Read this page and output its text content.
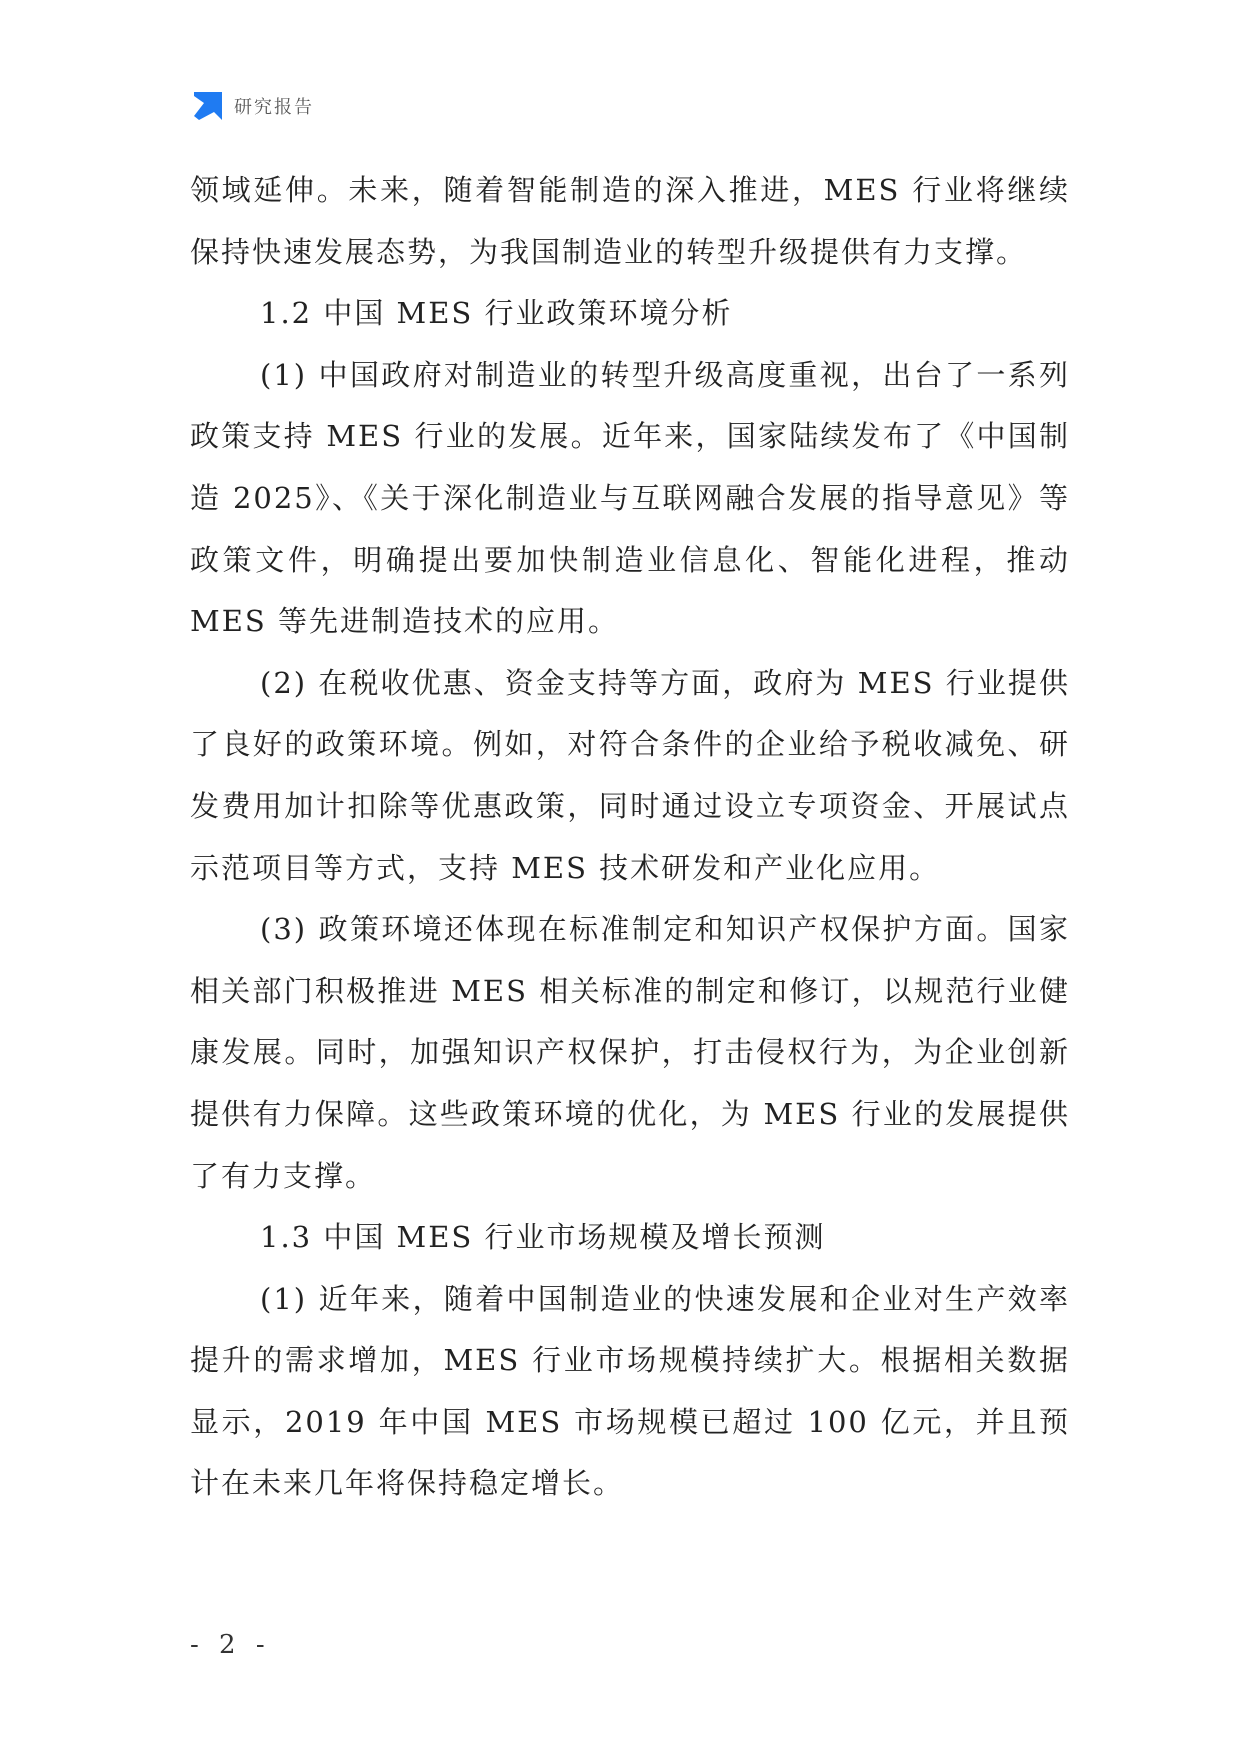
研究报告

领域延伸。未来，随着智能制造的深入推进，MES 行业将继续保持快速发展态势，为我国制造业的转型升级提供有力支撑。

1.2 中国 MES 行业政策环境分析

(1) 中国政府对制造业的转型升级高度重视，出台了一系列政策支持 MES 行业的发展。近年来，国家陆续发布了《中国制造 2025》、《关于深化制造业与互联网融合发展的指导意见》等政策文件，明确提出要加快制造业信息化、智能化进程，推动 MES 等先进制造技术的应用。

(2) 在税收优惠、资金支持等方面，政府为 MES 行业提供了良好的政策环境。例如，对符合条件的企业给予税收减免、研发费用加计扣除等优惠政策，同时通过设立专项资金、开展试点示范项目等方式，支持 MES 技术研发和产业化应用。

(3) 政策环境还体现在标准制定和知识产权保护方面。国家相关部门积极推进 MES 相关标准的制定和修订，以规范行业健康发展。同时，加强知识产权保护，打击侵权行为，为企业创新提供有力保障。这些政策环境的优化，为 MES 行业的发展提供了有力支撑。

1.3 中国 MES 行业市场规模及增长预测

(1) 近年来，随着中国制造业的快速发展和企业对生产效率提升的需求增加，MES 行业市场规模持续扩大。根据相关数据显示，2019 年中国 MES 市场规模已超过 100 亿元，并且预计在未来几年将保持稳定增长。

- 2 -
